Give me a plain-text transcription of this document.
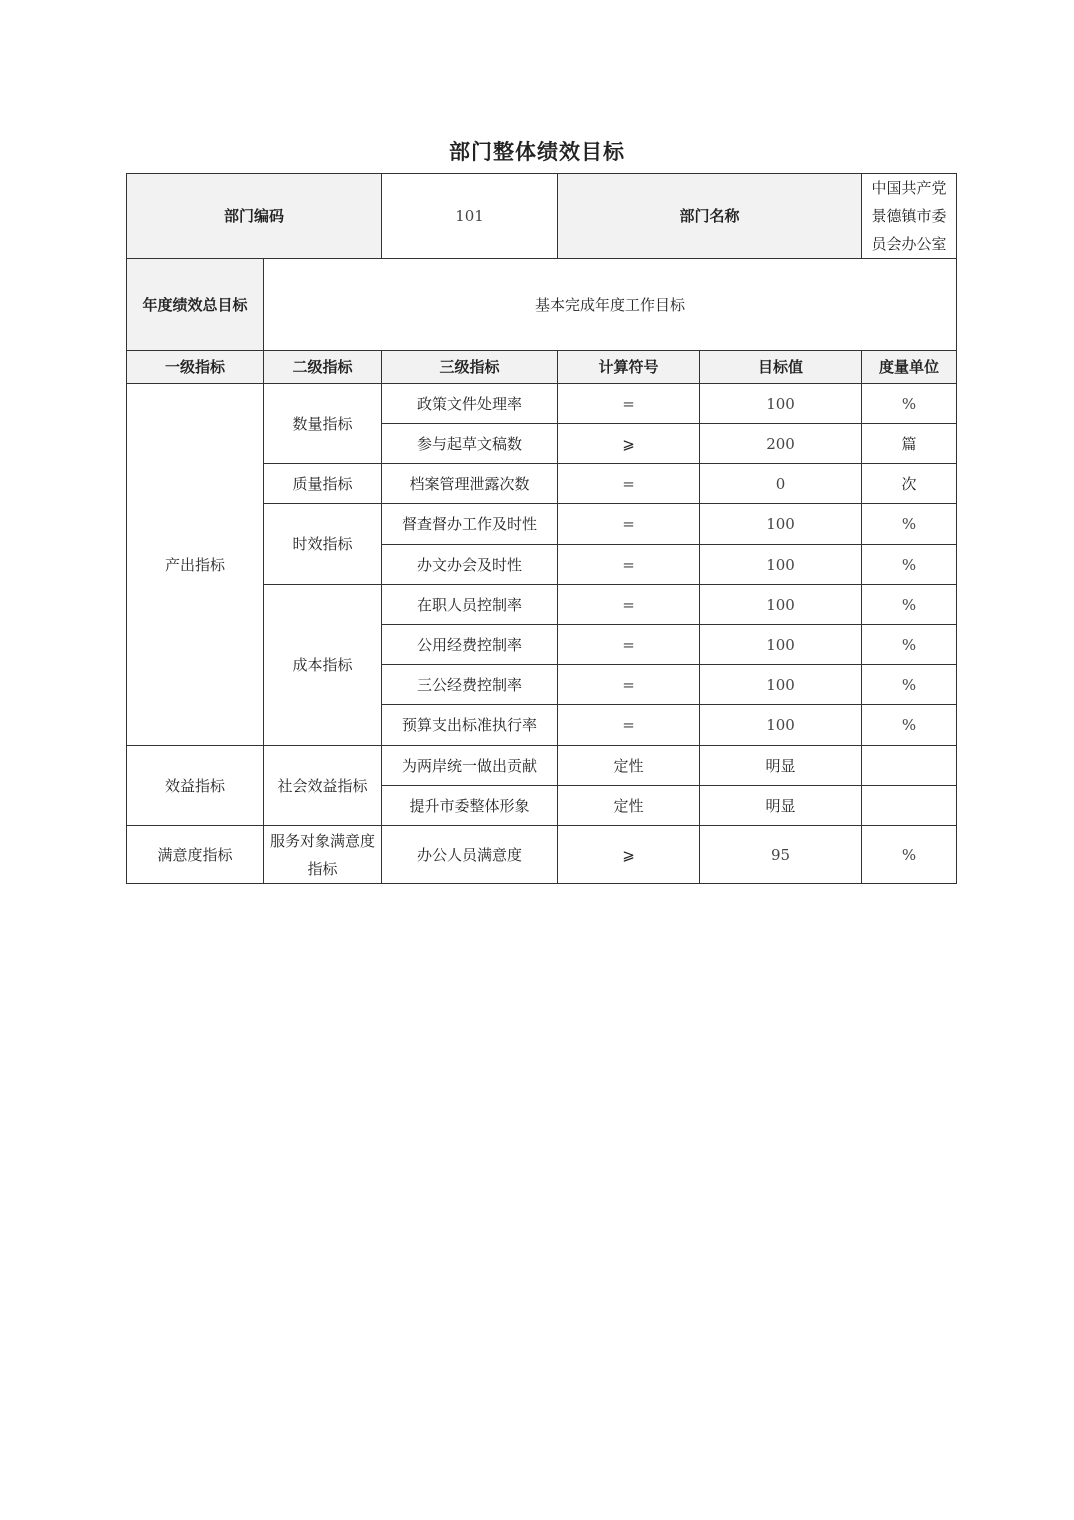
部门整体绩效目标
部门编码		101	部门名称		中国共产党景德镇市委员会办公室
年度绩效总目标	基本完成年度工作目标				
一级指标	二级指标	三级指标	计算符号	目标值	度量单位
产出指标	数量指标	政策文件处理率	=	100	%
		参与起草文稿数	⩾	200	篇
	质量指标	档案管理泄露次数	=	0	次
	时效指标	督查督办工作及时性	=	100	%
		办文办会及时性	=	100	%
	成本指标	在职人员控制率	=	100	%
		公用经费控制率	=	100	%
		三公经费控制率	=	100	%
		预算支出标准执行率	=	100	%
效益指标	社会效益指标	为两岸统一做出贡献	定性	明显	
		提升市委整体形象	定性	明显	
满意度指标	服务对象满意度指标	办公人员满意度	⩾	95	%
